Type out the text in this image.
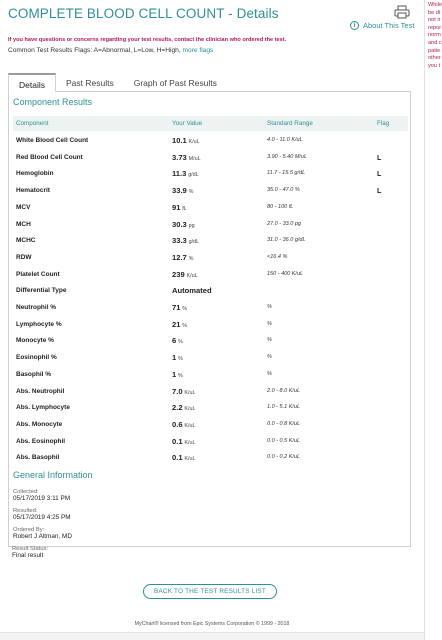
COMPLETE BLOOD CELL COUNT - Details
i	About This Test
If you have questions or concerns regarding your test results, contact the clinician who ordered the test.
Common Test Results Flags: A=Abnormal, L=Low, H=High, more flags
Details	Past Results	Graph of Past Results
Component Results
Component	Your Value	Standard Range	Flag
White Blood Cell Count	10.1 K/uL	4.0 - 11.0 K/uL
Red Blood Cell Count	3.73 M/uL	3.90 - 5.40 M/uL	L
Hemoglobin	11.3 g/dL	11.7 - 15.5 g/dL	L
Hematocrit	33.9 %	35.0 - 47.0 %	L
MCV	91 fL	80 - 100 fL
MCH	30.3 pg	27.0 - 33.0 pg
MCHC	33.3 g/dL	31.0 - 36.0 g/dL
RDW	12.7 %	<16.4 %
Platelet Count	239 K/uL	150 - 400 K/uL
Differential Type	Automated
Neutrophil %	71 %	%
Lymphocyte %	21 %	%
Monocyte %	6 %	%
Eosinophil %	1 %	%
Basophil %	1 %	%
Abs. Neutrophil	7.0 K/uL	2.0 - 8.0 K/uL
Abs. Lymphocyte	2.2 K/uL	1.0 - 5.1 K/uL
Abs. Monocyte	0.6 K/uL	0.0 - 0.8 K/uL
Abs. Eosinophil	0.1 K/uL	0.0 - 0.5 K/uL
Abs. Basophil	0.1 K/uL	0.0 - 0.2 K/uL
General Information
Collected:
05/17/2019 3:11 PM
Resulted:
05/17/2019 4:25 PM
Ordered By:
Robert J Altman, MD
Result Status:
Final result
BACK TO THE TEST RESULTS LIST
MyChart® licensed from Epic Systems Corporation © 1999 - 2018
While
be di
not ir
repor
norm
and c
patie
other
you t
